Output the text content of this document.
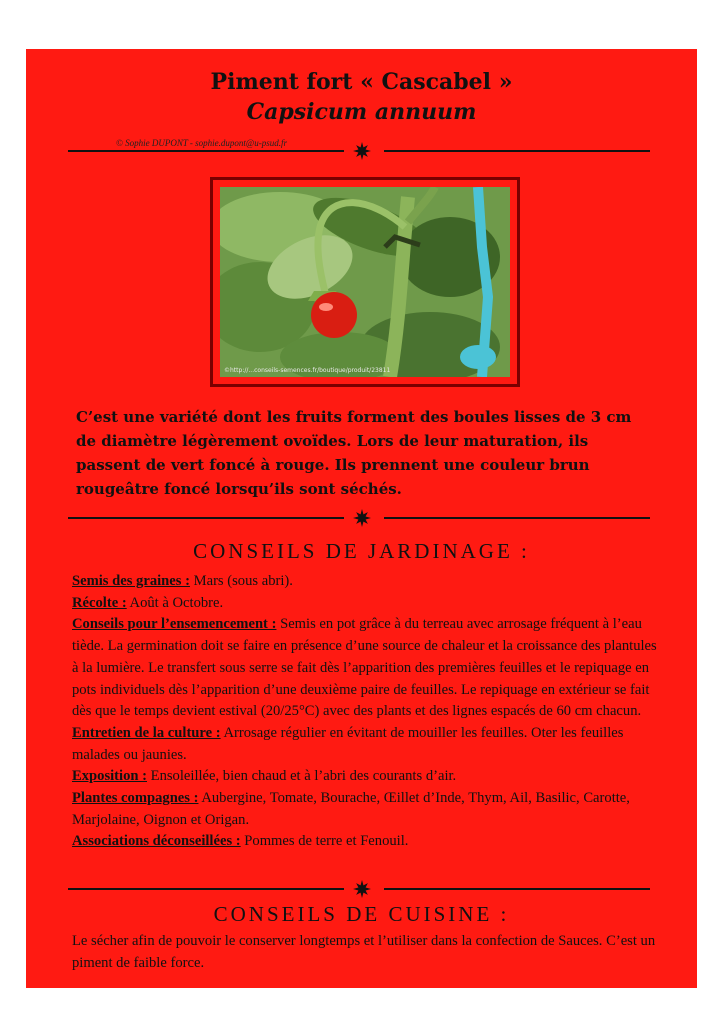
Piment fort « Cascabel »
Capsicum annuum
© Sophie DUPONT - sophie.dupont@u-psud.fr
©http://...conseils-semences.fr/boutique/produit/23811
C’est une variété dont les fruits forment des boules lisses de 3 cm de diamètre légèrement ovoïdes. Lors de leur maturation, ils passent de vert foncé à rouge. Ils prennent une couleur brun rougeâtre foncé lorsqu’ils sont séchés.
CONSEILS DE JARDINAGE :
Semis des graines : Mars (sous abri).
Récolte : Août à Octobre.
Conseils pour l’ensemencement : Semis en pot grâce à du terreau avec arrosage fréquent à l’eau tiède. La germination doit se faire en présence d’une source de chaleur et la croissance des plantules à la lumière. Le transfert sous serre se fait dès l’apparition des premières feuilles et le repiquage en pots individuels dès l’apparition d’une deuxième paire de feuilles. Le repiquage en extérieur se fait dès que le temps devient estival (20/25°C) avec des plants et des lignes espacés de 60 cm chacun.
Entretien de la culture : Arrosage régulier en évitant de mouiller les feuilles. Oter les feuilles malades ou jaunies.
Exposition : Ensoleillée, bien chaud et à l’abri des courants d’air.
Plantes compagnes : Aubergine, Tomate, Bourache, Œillet d’Inde, Thym, Ail, Basilic, Carotte, Marjolaine, Oignon et Origan.
Associations déconseillées : Pommes de terre et Fenouil.
CONSEILS DE CUISINE :
Le sécher afin de pouvoir le conserver longtemps et l’utiliser dans la confection de Sauces. C’est un piment de faible force.
